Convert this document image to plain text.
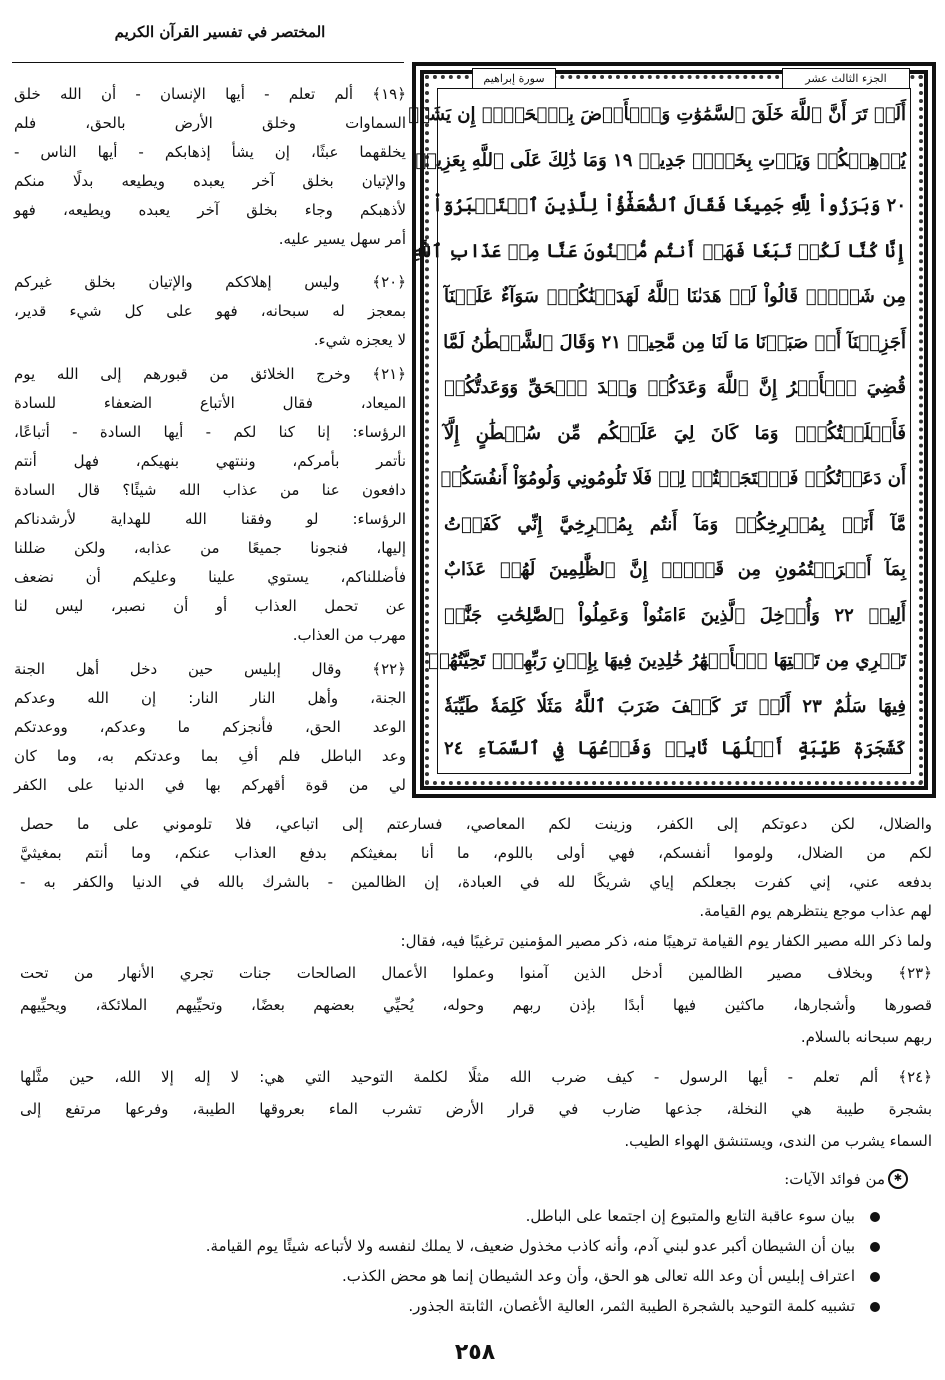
المختصر في تفسير القرآن الكريم
الجزء الثالث عشر
سورة إبراهيم
أَلَمۡ تَرَ أَنَّ ٱللَّهَ خَلَقَ ٱلسَّمَٰوَٰتِ وَٱلۡأَرۡضَ بِٱلۡحَقِّۚ إِن يَشَأۡ
يُذۡهِبۡكُمۡ وَيَأۡتِ بِخَلۡقٖ جَدِيدٖ ١٩ وَمَا ذَٰلِكَ عَلَى ٱللَّهِ بِعَزِيزٖ
٢٠ وَبَرَزُواْ لِلَّهِ جَمِيعٗا فَقَالَ ٱلضُّعَفَٰٓؤُاْ لِلَّذِينَ ٱسۡتَكۡبَرُوٓاْ
إِنَّا كُنَّا لَكُمۡ تَبَعٗا فَهَلۡ أَنتُم مُّغۡنُونَ عَنَّا مِنۡ عَذَابِ ٱللَّهِ
مِن شَيۡءٖۚ قَالُواْ لَوۡ هَدَىٰنَا ٱللَّهُ لَهَدَيۡنَٰكُمۡۖ سَوَآءٌ عَلَيۡنَآ
أَجَزِعۡنَآ أَمۡ صَبَرۡنَا مَا لَنَا مِن مَّحِيصٖ ٢١ وَقَالَ ٱلشَّيۡطَٰنُ لَمَّا
قُضِيَ ٱلۡأَمۡرُ إِنَّ ٱللَّهَ وَعَدَكُمۡ وَعۡدَ ٱلۡحَقِّ وَوَعَدتُّكُمۡ
فَأَخۡلَفۡتُكُمۡۖ وَمَا كَانَ لِيَ عَلَيۡكُم مِّن سُلۡطَٰنٍ إِلَّآ
أَن دَعَوۡتُكُمۡ فَٱسۡتَجَبۡتُمۡ لِيۖ فَلَا تَلُومُونِي وَلُومُوٓاْ أَنفُسَكُمۖ
مَّآ أَنَا۠ بِمُصۡرِخِكُمۡ وَمَآ أَنتُم بِمُصۡرِخِيَّ إِنِّي كَفَرۡتُ
بِمَآ أَشۡرَكۡتُمُونِ مِن قَبۡلُۗ إِنَّ ٱلظَّٰلِمِينَ لَهُمۡ عَذَابٌ
أَلِيمٞ ٢٢ وَأُدۡخِلَ ٱلَّذِينَ ءَامَنُواْ وَعَمِلُواْ ٱلصَّٰلِحَٰتِ جَنَّٰتٖ
تَجۡرِي مِن تَحۡتِهَا ٱلۡأَنۡهَٰرُ خَٰلِدِينَ فِيهَا بِإِذۡنِ رَبِّهِمۡۖ تَحِيَّتُهُمۡ
فِيهَا سَلَٰمٌ ٢٣ أَلَمۡ تَرَ كَيۡفَ ضَرَبَ ٱللَّهُ مَثَلٗا كَلِمَةٗ طَيِّبَةٗ
كَشَجَرَةٖ طَيِّبَةٍ أَصۡلُهَا ثَابِتٞ وَفَرۡعُهَا فِي ٱلسَّمَآءِ ٢٤
﴿١٩﴾ ألم تعلم - أيها الإنسان - أن الله خلق
السماوات وخلق الأرض بالحق، فلم
يخلقهما عبثًا، إن يشأ إذهابكم - أيها الناس -
والإتيان بخلق آخر يعبده ويطيعه بدلًا منكم
لأذهبكم وجاء بخلق آخر يعبده ويطيعه، فهو
أمر سهل يسير عليه.
﴿٢٠﴾ وليس إهلاككم والإتيان بخلق غيركم
بمعجز له سبحانه، فهو على كل شيء قدير،
لا يعجزه شيء.
﴿٢١﴾ وخرج الخلائق من قبورهم إلى الله يوم
الميعاد، فقال الأتباع الضعفاء للسادة
الرؤساء: إنا كنا لكم - أيها السادة - أتباعًا،
نأتمر بأمركم، وننتهي بنهيكم، فهل أنتم
دافعون عنا من عذاب الله شيئًا؟ قال السادة
الرؤساء: لو وفقنا الله للهداية لأرشدناكم
إليها، فنجونا جميعًا من عذابه، ولكن ضللنا
فأضللناكم، يستوي علينا وعليكم أن نضعف
عن تحمل العذاب أو أن نصبر، ليس لنا
مهرب من العذاب.
﴿٢٢﴾ وقال إبليس حين دخل أهل الجنة
الجنة، وأهل النار النار: إن الله وعدكم
الوعد الحق، فأنجزكم ما وعدكم، ووعدتكم
وعد الباطل فلم أفِ بما وعدتكم به، وما كان
لي من قوة أقهركم بها في الدنيا على الكفر
والضلال، لكن دعوتكم إلى الكفر، وزينت لكم المعاصي، فسارعتم إلى اتباعي، فلا تلوموني على ما حصل
لكم من الضلال، ولوموا أنفسكم، فهي أولى باللوم، ما أنا بمغيثكم بدفع العذاب عنكم، وما أنتم بمغيثيَّ
بدفعه عني، إني كفرت بجعلكم إياي شريكًا لله في العبادة، إن الظالمين - بالشرك بالله في الدنيا والكفر به -
لهم عذاب موجع ينتظرهم يوم القيامة.
ولما ذكر الله مصير الكفار يوم القيامة ترهيبًا منه، ذكر مصير المؤمنين ترغيبًا فيه، فقال:
﴿٢٣﴾ وبخلاف مصير الظالمين أدخل الذين آمنوا وعملوا الأعمال الصالحات جنات تجري الأنهار من تحت
قصورها وأشجارها، ماكثين فيها أبدًا بإذن ربهم وحوله، يُحيِّي بعضهم بعضًا، وتحيِّيهم الملائكة، ويحيِّيهم
ربهم سبحانه بالسلام.
﴿٢٤﴾ ألم تعلم - أيها الرسول - كيف ضرب الله مثلًا لكلمة التوحيد التي هي: لا إله إلا الله، حين مثَّلها
بشجرة طيبة هي النخلة، جذعها ضارب في قرار الأرض تشرب الماء بعروقها الطيبة، وفرعها مرتفع إلى
السماء يشرب من الندى، ويستنشق الهواء الطيب.
✱
من فوائد الآيات:
بيان سوء عاقبة التابع والمتبوع إن اجتمعا على الباطل.
بيان أن الشيطان أكبر عدو لبني آدم، وأنه كاذب مخذول ضعيف، لا يملك لنفسه ولا لأتباعه شيئًا يوم القيامة.
اعتراف إبليس أن وعد الله تعالى هو الحق، وأن وعد الشيطان إنما هو محض الكذب.
تشبيه كلمة التوحيد بالشجرة الطيبة الثمر، العالية الأغصان، الثابتة الجذور.
٢٥٨
